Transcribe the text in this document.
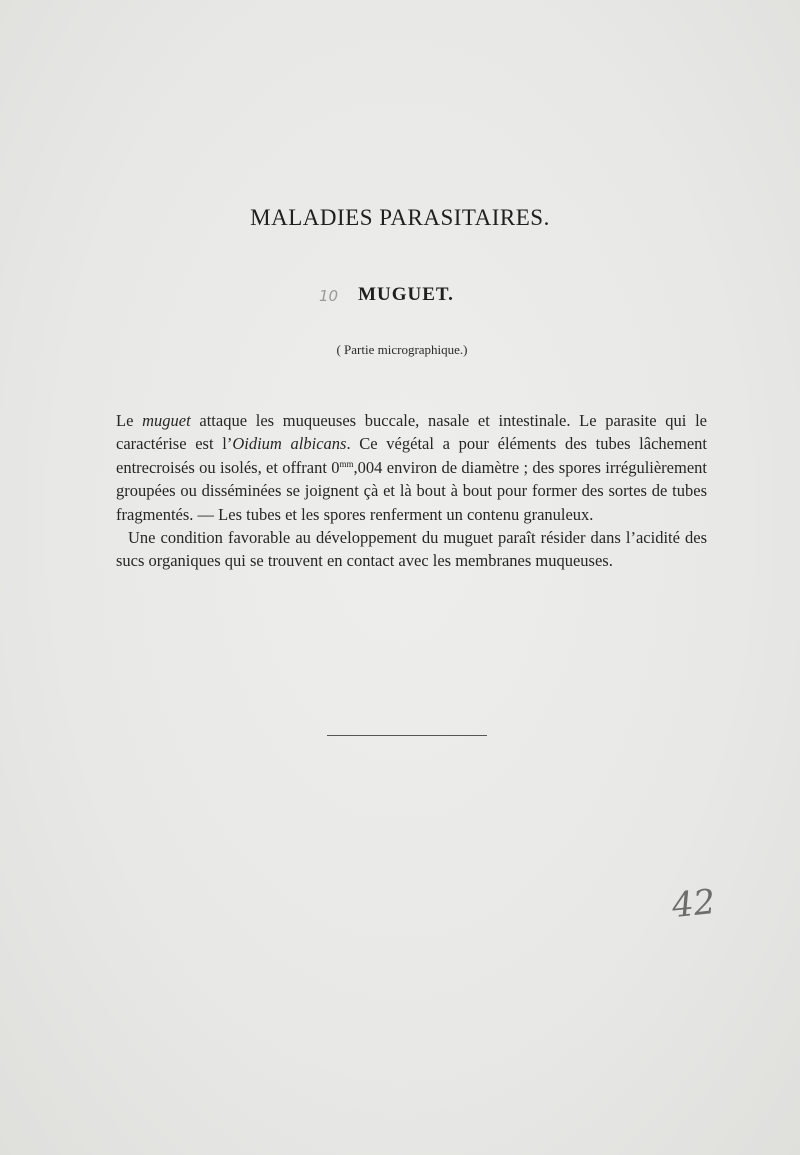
MALADIES PARASITAIRES.
10	MUGUET.
( Partie micrographique.)

Le muguet attaque les muqueuses buccale, nasale et intestinale. Le parasite qui le caractérise est l’Oidium albicans. Ce végétal a pour éléments des tubes lâchement entrecroisés ou isolés, et offrant $0^{mm},004$ environ de diamètre ; des spores irrégulièrement groupées ou disséminées se joignent çà et là bout à bout pour former des sortes de tubes fragmentés. — Les tubes et les spores renferment un contenu granuleux.

Une condition favorable au développement du muguet paraît résider dans l’acidité des sucs organiques qui se trouvent en contact avec les membranes muqueuses.

42
